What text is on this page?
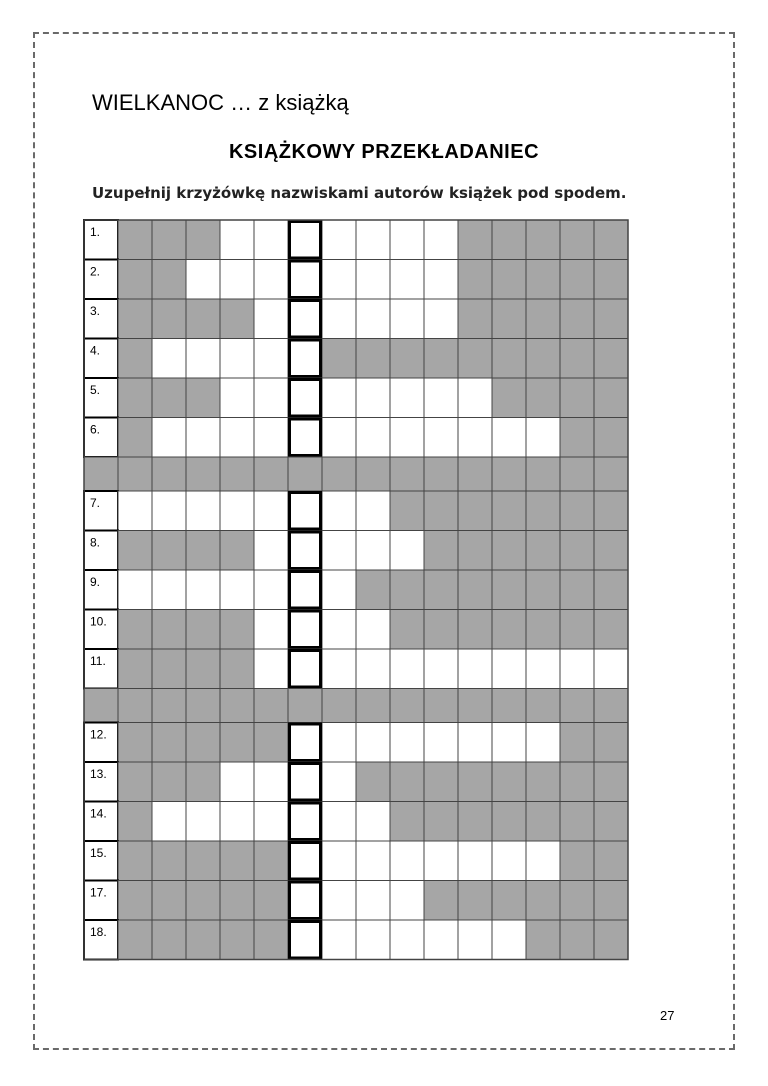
WIELKANOC … z książką
KSIĄŻKOWY PRZEKŁADANIEC
Uzupełnij krzyżówkę nazwiskami autorów książek pod spodem.
1.
2.
3.
4.
5.
6.
7.
8.
9.
10.
11.
12.
13.
14.
15.
17.
18.
27
